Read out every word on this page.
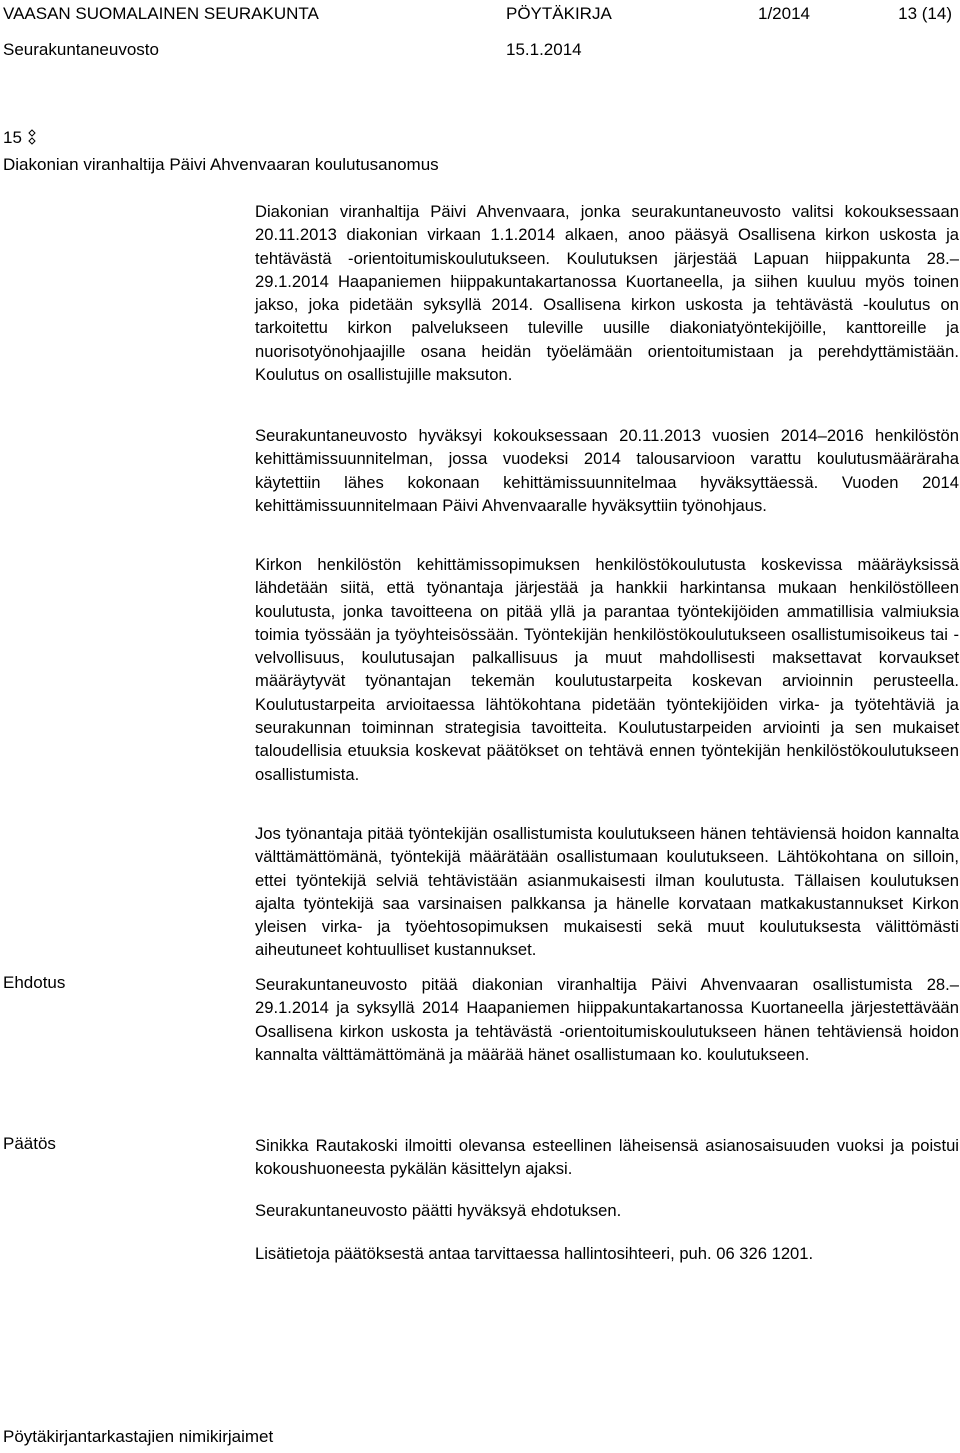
VAASAN SUOMALAINEN SEURAKUNTA	PÖYTÄKIRJA	1/2014	13 (14)
Seurakuntaneuvosto	15.1.2014
15
Diakonian viranhaltija Päivi Ahvenvaaran koulutusanomus

Diakonian viranhaltija Päivi Ahvenvaara, jonka seurakuntaneuvosto valitsi kokouksessaan 20.11.2013 diakonian virkaan 1.1.2014 alkaen, anoo pääsyä Osallisena kirkon uskosta ja tehtävästä -orientoitumiskoulutukseen. Koulutuksen järjestää Lapuan hiippakunta 28.–29.1.2014 Haapaniemen hiippakuntakartanossa Kuortaneella, ja siihen kuuluu myös toinen jakso, joka pidetään syksyllä 2014. Osallisena kirkon uskosta ja tehtävästä -koulutus on tarkoitettu kirkon palvelukseen tuleville uusille diakoniatyöntekijöille, kanttoreille ja nuorisotyönohjaajille osana heidän työelämään orientoitumistaan ja perehdyttämistään. Koulutus on osallistujille maksuton.

Seurakuntaneuvosto hyväksyi kokouksessaan 20.11.2013 vuosien 2014–2016 henkilöstön kehittämissuunnitelman, jossa vuodeksi 2014 talousarvioon varattu koulutusmääräraha käytettiin lähes kokonaan kehittämissuunnitelmaa hyväksyttäessä. Vuoden 2014 kehittämissuunnitelmaan Päivi Ahvenvaaralle hyväksyttiin työnohjaus.

Kirkon henkilöstön kehittämissopimuksen henkilöstökoulutusta koskevissa määräyksissä lähdetään siitä, että työnantaja järjestää ja hankkii harkintansa mukaan henkilöstölleen koulutusta, jonka tavoitteena on pitää yllä ja parantaa työntekijöiden ammatillisia valmiuksia toimia työssään ja työyhteisössään. Työntekijän henkilöstökoulutukseen osallistumisoikeus tai -velvollisuus, koulutusajan palkallisuus ja muut mahdollisesti maksettavat korvaukset määräytyvät työnantajan tekemän koulutustarpeita koskevan arvioinnin perusteella. Koulutustarpeita arvioitaessa lähtökohtana pidetään työntekijöiden virka- ja työtehtäviä ja seurakunnan toiminnan strategisia tavoitteita. Koulutustarpeiden arviointi ja sen mukaiset taloudellisia etuuksia koskevat päätökset on tehtävä ennen työntekijän henkilöstökoulutukseen osallistumista.

Jos työnantaja pitää työntekijän osallistumista koulutukseen hänen tehtäviensä hoidon kannalta välttämättömänä, työntekijä määrätään osallistumaan koulutukseen. Lähtökohtana on silloin, ettei työntekijä selviä tehtävistään asianmukaisesti ilman koulutusta. Tällaisen koulutuksen ajalta työntekijä saa varsinaisen palkkansa ja hänelle korvataan matkakustannukset Kirkon yleisen virka- ja työehtosopimuksen mukaisesti sekä muut koulutuksesta välittömästi aiheutuneet kohtuulliset kustannukset.

Ehdotus	Seurakuntaneuvosto pitää diakonian viranhaltija Päivi Ahvenvaaran osallistumista 28.–29.1.2014 ja syksyllä 2014 Haapaniemen hiippakuntakartanossa Kuortaneella järjestettävään Osallisena kirkon uskosta ja tehtävästä -orientoitumiskoulutukseen hänen tehtäviensä hoidon kannalta välttämättömänä ja määrää hänet osallistumaan ko. koulutukseen.

Päätös	Sinikka Rautakoski ilmoitti olevansa esteellinen läheisensä asianosaisuuden vuoksi ja poistui kokoushuoneesta pykälän käsittelyn ajaksi.

Seurakuntaneuvosto päätti hyväksyä ehdotuksen.

Lisätietoja päätöksestä antaa tarvittaessa hallintosihteeri, puh. 06 326 1201.

Pöytäkirjantarkastajien nimikirjaimet
